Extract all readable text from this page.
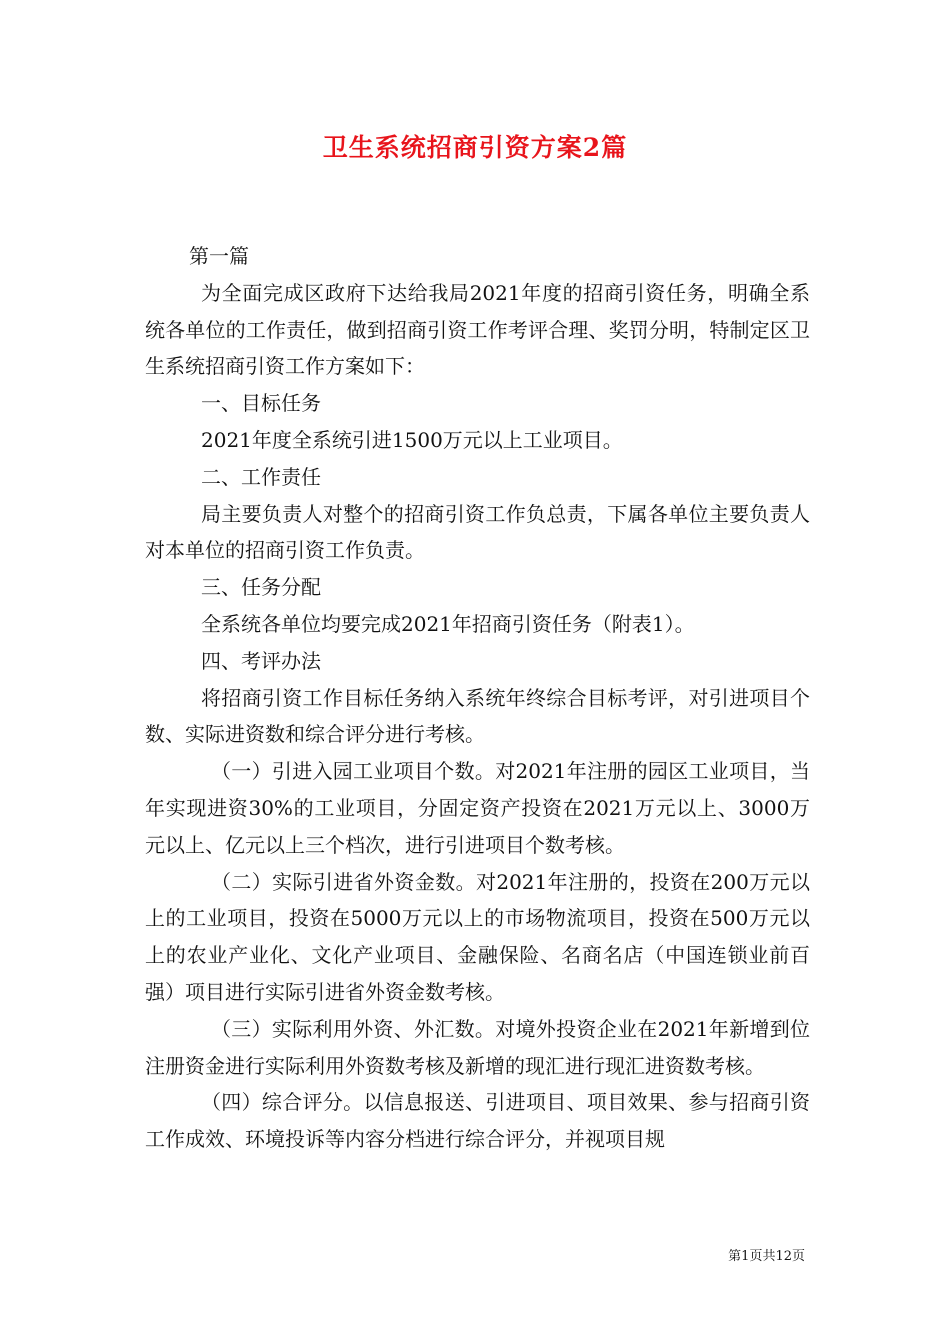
卫生系统招商引资方案2篇

第一篇

为全面完成区政府下达给我局2021年度的招商引资任务，明确全系统各单位的工作责任，做到招商引资工作考评合理、奖罚分明，特制定区卫生系统招商引资工作方案如下：

一、目标任务

2021年度全系统引进1500万元以上工业项目。

二、工作责任

局主要负责人对整个的招商引资工作负总责，下属各单位主要负责人对本单位的招商引资工作负责。

三、任务分配

全系统各单位均要完成2021年招商引资任务（附表1）。

四、考评办法

将招商引资工作目标任务纳入系统年终综合目标考评，对引进项目个数、实际进资数和综合评分进行考核。

（一）引进入园工业项目个数。对2021年注册的园区工业项目，当年实现进资30%的工业项目，分固定资产投资在2021万元以上、3000万元以上、亿元以上三个档次，进行引进项目个数考核。

（二）实际引进省外资金数。对2021年注册的，投资在200万元以上的工业项目，投资在5000万元以上的市场物流项目，投资在500万元以上的农业产业化、文化产业项目、金融保险、名商名店（中国连锁业前百强）项目进行实际引进省外资金数考核。

（三）实际利用外资、外汇数。对境外投资企业在2021年新增到位注册资金进行实际利用外资数考核及新增的现汇进行现汇进资数考核。

（四）综合评分。以信息报送、引进项目、项目效果、参与招商引资工作成效、环境投诉等内容分档进行综合评分，并视项目规

第1页共12页
